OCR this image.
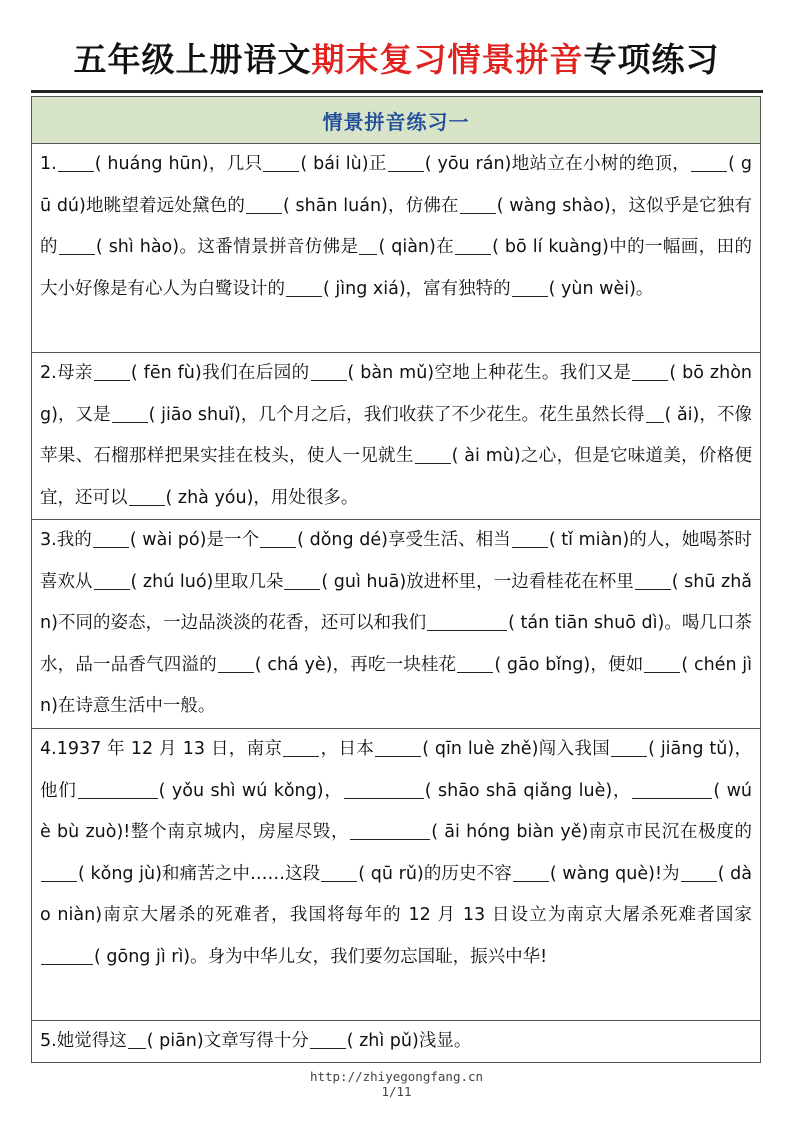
五年级上册语文期末复习情景拼音专项练习
情景拼音练习一
1. ( huáng hūn)，几只 ( bái lù)正 ( yōu rán)地站立在小树的绝顶， ( gū dú)地眺望着远处黛色的 ( shān luán)，仿佛在 ( wàng shào)，这似乎是它独有的 ( shì hào)。这番情景拼音仿佛是 ( qiàn)在 ( bō lí kuàng)中的一幅画，田的大小好像是有心人为白鹭设计的 ( jìng xiá)，富有独特的 ( yùn wèi)。
2.母亲 ( fēn fù)我们在后园的 ( bàn mǔ)空地上种花生。我们又是 ( bō zhòng)，又是 ( jiāo shuǐ)，几个月之后，我们收获了不少花生。花生虽然长得 ( ǎi)，不像苹果、石榴那样把果实挂在枝头，使人一见就生 ( ài mù)之心，但是它味道美，价格便宜，还可以 ( zhà yóu)，用处很多。
3.我的 ( wài pó)是一个 ( dǒng dé)享受生活、相当 ( tǐ miàn)的人，她喝茶时喜欢从 ( zhú luó)里取几朵 ( guì huā)放进杯里，一边看桂花在杯里 ( shū zhǎn)不同的姿态，一边品淡淡的花香，还可以和我们	( tán tiān shuō dì)。喝几口茶水，品一品香气四溢的 ( chá yè)，再吃一块桂花 ( gāo bǐng)，便如 ( chén jìn)在诗意生活中一般。
4.1937 年 12 月 13 日，南京 ，日本	( qīn luè zhě)闯入我国 ( jiāng tǔ)，他们	( yǒu shì wú kǒng)，	( shāo shā qiǎng luè)，	( wú è bù zuò)!整个南京城内，房屋尽毁，	( āi hóng biàn yě)南京市民沉在极度的( kǒng jù)和痛苦之中……这段 ( qū rǔ)的历史不容 ( wàng què)!为 ( dào niàn)南京大屠杀的死难者，我国将每年的 12 月 13 日设立为南京大屠杀死难者国家( gōng jì rì)。身为中华儿女，我们要勿忘国耻，振兴中华!
5.她觉得这 ( piān)文章写得十分 ( zhì pǔ)浅显。
http://zhiyegongfang.cn
1/11
